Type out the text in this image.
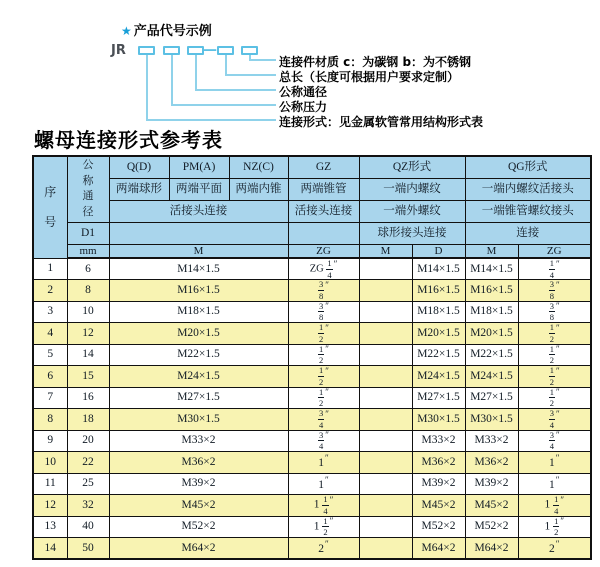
★ 产品代号示例
JR	—
连接件材质 c：为碳钢 b：为不锈钢
总长（长度可根据用户要求定制）
公称通径
公称压力
连接形式：见金属软管常用结构形式表
螺母连接形式参考表
序号	公称通径	Q(D)	PM(A)	NZ(C)	GZ	QZ形式		QG形式	
		两端球形	两端平面	两端内锥	两端锥管	一端内螺纹		一端内螺纹活接头	
		活接头连接			活接头连接	一端外螺纹		一端锥管螺纹接头	
	D1					球形接头连接		连接	
	mm	M			ZG	M	D	M	ZG
1	6	M14×1.5			ZG $\frac{1}{4} ''$		M14×1.5	M14×1.5	$\frac{1}{4} ''$
2	8	M16×1.5			$\frac{3}{8} ''$		M16×1.5	M16×1.5	$\frac{3}{8} ''$
3	10	M18×1.5			$\frac{3}{8} ''$		M18×1.5	M18×1.5	$\frac{3}{8} ''$
4	12	M20×1.5			$\frac{1}{2} ''$		M20×1.5	M20×1.5	$\frac{1}{2} ''$
5	14	M22×1.5			$\frac{1}{2} ''$		M22×1.5	M22×1.5	$\frac{1}{2} ''$
6	15	M24×1.5			$\frac{1}{2} ''$		M24×1.5	M24×1.5	$\frac{1}{2} ''$
7	16	M27×1.5			$\frac{1}{2} ''$		M27×1.5	M27×1.5	$\frac{1}{2} ''$
8	18	M30×1.5			$\frac{3}{4} ''$		M30×1.5	M30×1.5	$\frac{3}{4} ''$
9	20	M33×2			$\frac{3}{4} ''$		M33×2	M33×2	$\frac{3}{4} ''$
10	22	M36×2			1″		M36×2	M36×2	1″
11	25	M39×2			1″		M39×2	M39×2	1″
12	32	M45×2			$1 \frac{1}{4} ''$		M45×2	M45×2	$1 \frac{1}{4} ''$
13	40	M52×2			$1 \frac{1}{2} ''$		M52×2	M52×2	$1 \frac{1}{2} ''$
14	50	M64×2			2″		M64×2	M64×2	2″
